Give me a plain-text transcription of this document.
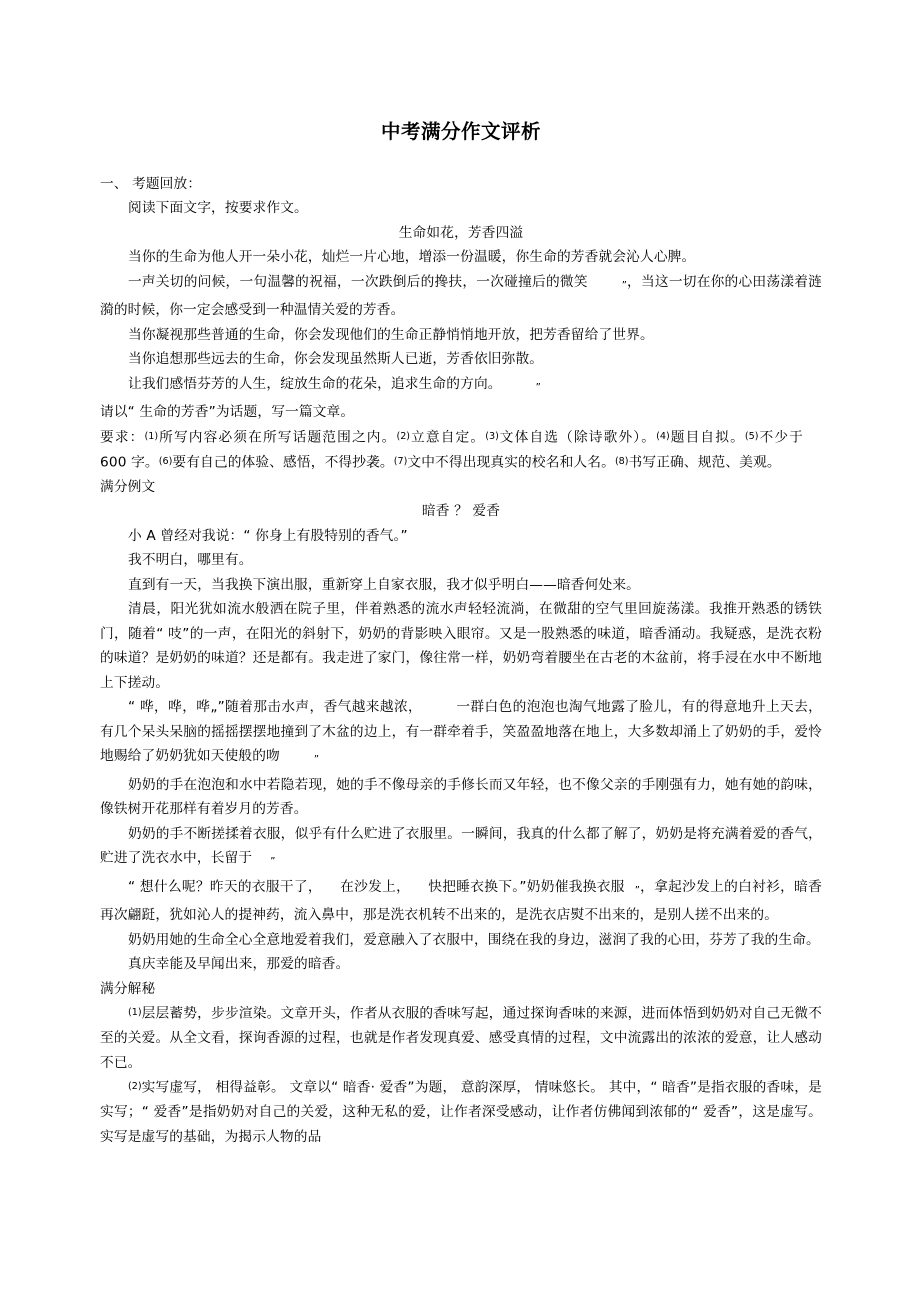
中考满分作文评析

一、 考题回放：

阅读下面文字，按要求作文。

生命如花，芳香四溢

当你的生命为他人开一朵小花，灿烂一片心地，增添一份温暖，你生命的芳香就会沁人心脾。

一声关切的问候，一句温馨的祝福，一次跌倒后的搀扶，一次碰撞后的微笑	”，当这一切在你的心田荡漾着涟漪的时候，你一定会感受到一种温情关爱的芳香。

当你凝视那些普通的生命，你会发现他们的生命正静悄悄地开放，把芳香留给了世界。

当你追想那些远去的生命，你会发现虽然斯人已逝，芳香依旧弥散。

让我们感悟芬芳的人生，绽放生命的花朵，追求生命的方向。	”

请以“ 生命的芳香”为话题，写一篇文章。

要求：(1)所写内容必须在所写话题范围之内。(2)立意自定。(3)文体自选（除诗歌外）。(4)题目自拟。(5)不少于600 字。(6)要有自己的体验、感悟，不得抄袭。(7)文中不得出现真实的校名和人名。(8)书写正确、规范、美观。

满分例文

暗香 ？ 爱香

小 A 曾经对我说：“ 你身上有股特别的香气。”

我不明白，哪里有。

直到有一天，当我换下演出服，重新穿上自家衣服，我才似乎明白——暗香何处来。

清晨，阳光犹如流水般洒在院子里，伴着熟悉的流水声轻轻流淌，在微甜的空气里回旋荡漾。我推开熟悉的锈铁门，随着“ 吱”的一声，在阳光的斜射下，奶奶的背影映入眼帘。又是一股熟悉的味道，暗香涌动。我疑惑，是洗衣粉的味道？是奶奶的味道？还是都有。我走进了家门，像往常一样，奶奶弯着腰坐在古老的木盆前，将手浸在水中不断地上下搓动。

“ 哗，哗，哗„”随着那击水声，香气越来越浓， 一群白色的泡泡也淘气地露了脸儿，有的得意地升上天去，有几个呆头呆脑的摇摇摆摆地撞到了木盆的边上，有一群牵着手，笑盈盈地落在地上，大多数却涌上了奶奶的手，爱怜地赐给了奶奶犹如天使般的吻	”

奶奶的手在泡泡和水中若隐若现，她的手不像母亲的手修长而又年轻，也不像父亲的手刚强有力，她有她的韵味，像铁树开花那样有着岁月的芳香。

奶奶的手不断搓揉着衣服，似乎有什么贮进了衣服里。一瞬间，我真的什么都了解了，奶奶是将充满着爱的香气，贮进了洗衣水中，长留于 ”

“ 想什么呢？昨天的衣服干了， 在沙发上， 快把睡衣换下。”奶奶催我换衣服 ”，拿起沙发上的白衬衫，暗香再次翩跹，犹如沁人的提神药，流入鼻中，那是洗衣机转不出来的，是洗衣店熨不出来的，是别人搓不出来的。

奶奶用她的生命全心全意地爱着我们，爱意融入了衣服中，围绕在我的身边，滋润了我的心田，芬芳了我的生命。

真庆幸能及早闻出来，那爱的暗香。

满分解秘

(1)层层蓄势，步步渲染。文章开头，作者从衣服的香味写起，通过探询香味的来源，进而体悟到奶奶对自己无微不至的关爱。从全文看，探询香源的过程，也就是作者发现真爱、感受真情的过程，文中流露出的浓浓的爱意，让人感动不已。

(2)实写虚写， 相得益彰。 文章以“ 暗香· 爱香”为题， 意韵深厚， 情味悠长。 其中，“ 暗香”是指衣服的香味，是实写；“ 爱香”是指奶奶对自己的关爱，这种无私的爱，让作者深受感动，让作者仿佛闻到浓郁的“ 爱香”，这是虚写。实写是虚写的基础，为揭示人物的品
